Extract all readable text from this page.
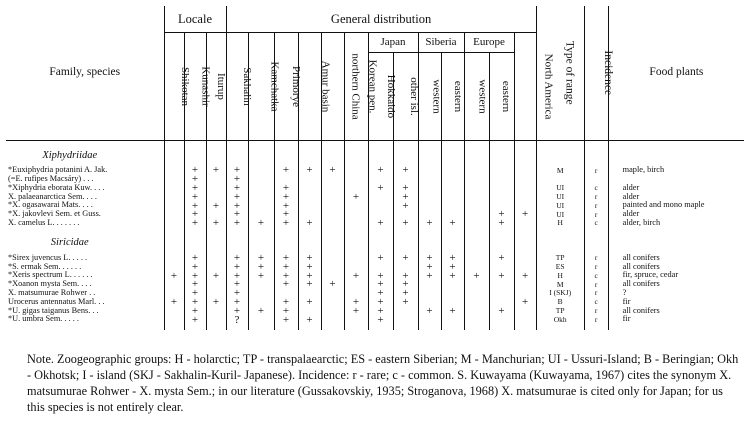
Family, species	Locale			General distribution													Type of range	Incidence	Food plants
	Shikotan	Kunashir	Iturup	Sakhalin	Kamchatka	Primorye	Amur basin	northern China	Korean pen.	Japan		Siberia		Europe		North America			
										Hokkaido	other isl.	western	eastern	western	eastern				

Xiphydriidae																			
*Euxiphydria potanini A. Jak.		+	+	+		+	+	+		+	+						M	r	maple, birch
(=E. rufipes Macsáry) . . .		+		+															
*Xiphydria eborata Kuw. . . .		+		+		+				+	+						UI	c	alder
X. palaeanarctica Sem. . . .		+		+		+			+		+						UI	r	alder
*X. ogasawarai Mats. . . .		+	+	+		+					+						UI	r	painted and mono maple
*X. jakovlevi Sem. et Guss.		+		+		+									+	+	UI	r	alder
X. camelus L. . . . . . .		+	+	+	+	+	+			+	+	+	+		+		H	c	alder, birch

Siricidae																			
*Sirex juvencus L. . . . .		+		+	+	+	+			+	+	+	+		+		TP	r	all conifers
*S. ermak Sem. . . . . .		+		+	+	+	+					+	+				ES	r	all conifers
*Xeris spectrum L. . . . . .	+	+	+	+	+	+	+		+	+	+	+	+	+	+	+	H	c	fir, spruce, cedar
*Xoanon mysta Sem. . . .		+		+		+	+	+		+	+						M	r	all conifers
X. matsumurae Rohwer . .		+		+						+	+						I (SKJ)	r	?
Urocerus antennatus Marl. . .	+	+	+	+		+	+		+	+	+					+	B	c	fir
*U. gigas taiganus Bens. . .		+		+	+	+			+	+		+	+		+		TP	r	all conifers
*U. umbra Sem. . . . .		+		?		+	+			+							Okh	r	fir

Note. Zoogeographic groups: H - holarctic; TP - transpalaearctic; ES - eastern Siberian; M - Manchurian; UI - Ussuri-Island; B - Beringian; Okh - Okhotsk; I - island (SKJ - Sakhalin-Kuril- Japanese). Incidence: r - rare; c - common. S. Kuwayama (Kuwayama, 1967) cites the synonym X. matsumurae Rohwer - X. mysta Sem.; in our literature (Gussakovskiy, 1935; Stroganova, 1968) X. matsumurae is cited only for Japan; for us this species is not entirely clear.
